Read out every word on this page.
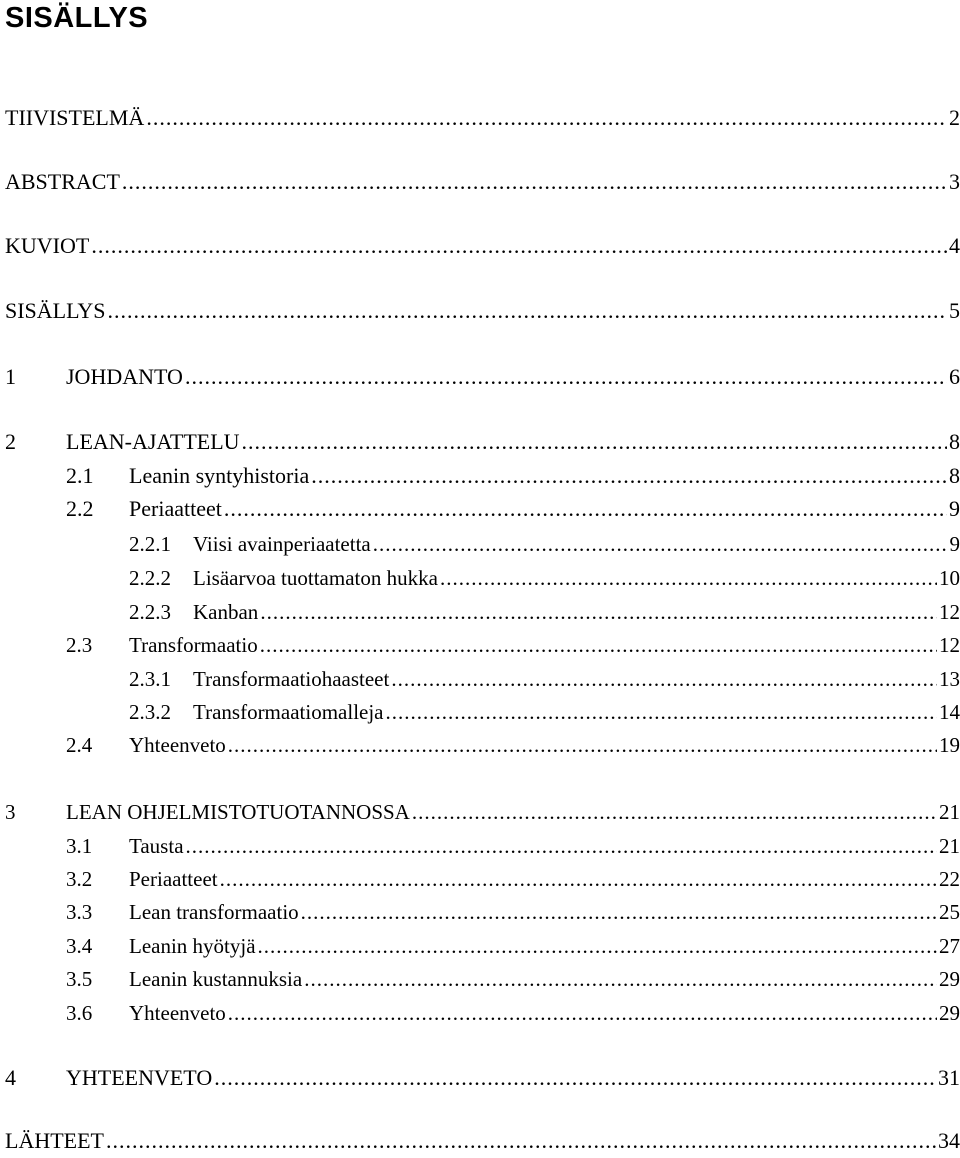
SISÄLLYS
TIIVISTELMÄ .....	2
ABSTRACT .....	3
KUVIOT .....	4
SISÄLLYS .....	5
1	JOHDANTO .....	6
2	LEAN-AJATTELU .....	8
2.1	Leanin syntyhistoria .....	8
2.2	Periaatteet .....	9
2.2.1	Viisi avainperiaatetta .....	9
2.2.2	Lisäarvoa tuottamaton hukka .....	10
2.2.3	Kanban .....	12
2.3	Transformaatio .....	12
2.3.1	Transformaatiohaasteet .....	13
2.3.2	Transformaatiomalleja .....	14
2.4	Yhteenveto .....	19
3	LEAN OHJELMISTOTUOTANNOSSA .....	21
3.1	Tausta .....	21
3.2	Periaatteet .....	22
3.3	Lean transformaatio .....	25
3.4	Leanin hyötyjä .....	27
3.5	Leanin kustannuksia .....	29
3.6	Yhteenveto .....	29
4	YHTEENVETO .....	31
LÄHTEET .....	34
